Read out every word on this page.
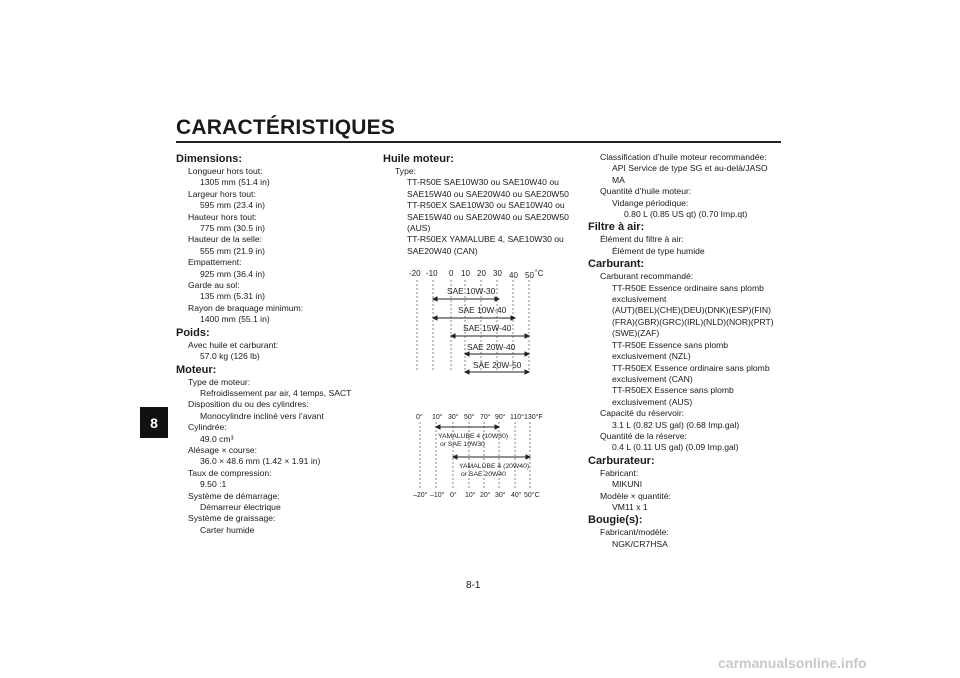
CARACTÉRISTIQUES
8
Dimensions:
Longueur hors tout:
1305 mm (51.4 in)
Largeur hors tout:
595 mm (23.4 in)
Hauteur hors tout:
775 mm (30.5 in)
Hauteur de la selle:
555 mm (21.9 in)
Empattement:
925 mm (36.4 in)
Garde au sol:
135 mm (5.31 in)
Rayon de braquage minimum:
1400 mm (55.1 in)
Poids:
Avec huile et carburant:
57.0 kg (126 lb)
Moteur:
Type de moteur:
Refroidissement par air, 4 temps, SACT
Disposition du ou des cylindres:
Monocylindre incliné vers l’avant
Cylindrée:
49.0 cm³
Alésage × course:
36.0 × 48.6 mm (1.42 × 1.91 in)
Taux de compression:
9.50 :1
Système de démarrage:
Démarreur électrique
Système de graissage:
Carter humide
Huile moteur:
Type:
TT-R50E SAE10W30 ou SAE10W40 ou
SAE15W40 ou SAE20W40 ou SAE20W50
TT-R50EX SAE10W30 ou SAE10W40 ou
SAE15W40 ou SAE20W40 ou SAE20W50
(AUS)
TT-R50EX YAMALUBE 4, SAE10W30 ou
SAE20W40 (CAN)
-20 -10 0 10 20 30 40 50 ˚C
SAE 10W-30
SAE 10W-40
SAE 15W-40
SAE 20W-40
SAE 20W-50
0° 10° 30° 50° 70° 90° 110° 130°F
–20° –10° 0° 10° 20° 30° 40° 50°C
YAMALUBE 4 (10W30)
or SAE 10W30
YAMALUBE 4 (20W40)
or SAE 20W40
Classification d’huile moteur recommandée:
API Service de type SG et au-delà/JASO
MA
Quantité d’huile moteur:
Vidange périodique:
0.80 L (0.85 US qt) (0.70 Imp.qt)
Filtre à air:
Élément du filtre à air:
Élément de type humide
Carburant:
Carburant recommandé:
TT-R50E Essence ordinaire sans plomb
exclusivement
(AUT)(BEL)(CHE)(DEU)(DNK)(ESP)(FIN)
(FRA)(GBR)(GRC)(IRL)(NLD)(NOR)(PRT)
(SWE)(ZAF)
TT-R50E Essence sans plomb
exclusivement (NZL)
TT-R50EX Essence ordinaire sans plomb
exclusivement (CAN)
TT-R50EX Essence sans plomb
exclusivement (AUS)
Capacité du réservoir:
3.1 L (0.82 US gal) (0.68 Imp.gal)
Quantité de la réserve:
0.4 L (0.11 US gal) (0.09 Imp.gal)
Carburateur:
Fabricant:
MIKUNI
Modèle × quantité:
VM11 x 1
Bougie(s):
Fabricant/modèle:
NGK/CR7HSA
8-1
carmanualsonline.info
